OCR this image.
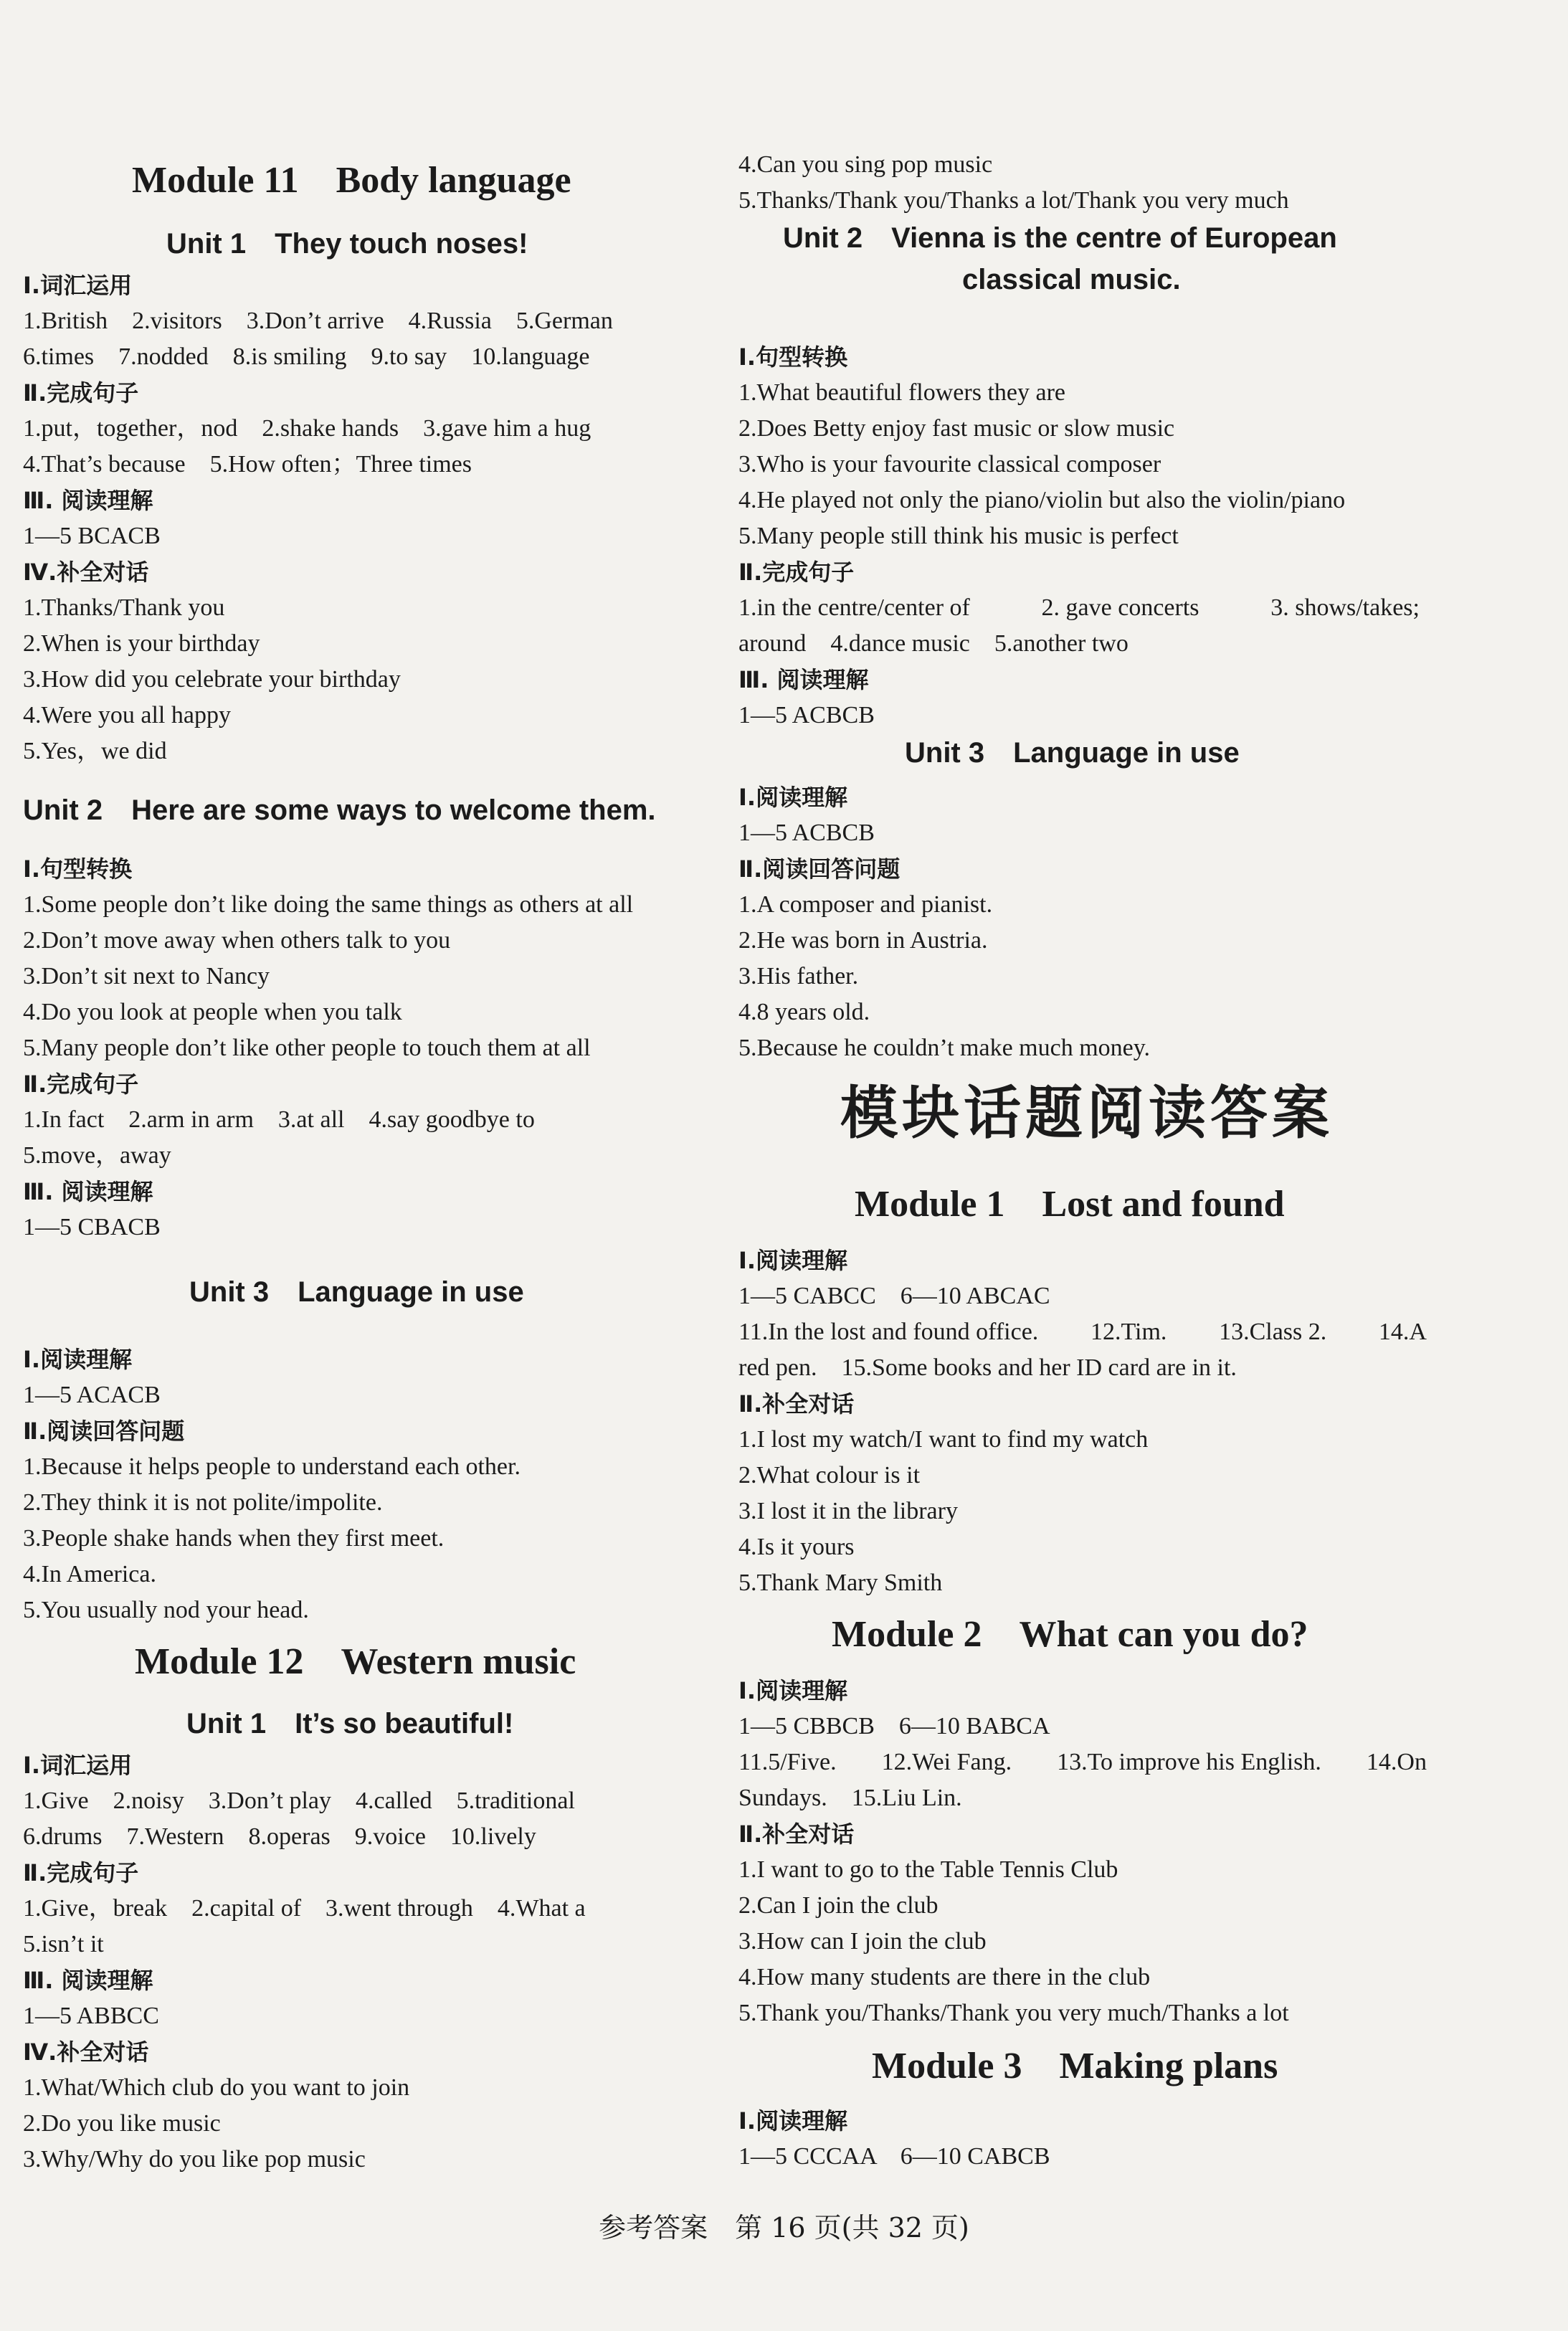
Module 11　Body language
Unit 1　They touch noses!
Ⅰ.词汇运用
1.British　2.visitors　3.Don’t arrive　4.Russia　5.German
6.times　7.nodded　8.is smiling　9.to say　10.language
Ⅱ.完成句子
1.put，together，nod　2.shake hands　3.gave him a hug
4.That’s because　5.How often；Three times
Ⅲ. 阅读理解
1—5 BCACB
Ⅳ.补全对话
1.Thanks/Thank you
2.When is your birthday
3.How did you celebrate your birthday
4.Were you all happy
5.Yes，we did
Unit 2　Here are some ways to welcome them.
Ⅰ.句型转换
1.Some people don’t like doing the same things as others at all
2.Don’t move away when others talk to you
3.Don’t sit next to Nancy
4.Do you look at people when you talk
5.Many people don’t like other people to touch them at all
Ⅱ.完成句子
1.In fact　2.arm in arm　3.at all　4.say goodbye to
5.move，away
Ⅲ. 阅读理解
1—5 CBACB
Unit 3　Language in use
Ⅰ.阅读理解
1—5 ACACB
Ⅱ.阅读回答问题
1.Because it helps people to understand each other.
2.They think it is not polite/impolite.
3.People shake hands when they first meet.
4.In America.
5.You usually nod your head.
Module 12　Western music
Unit 1　It’s so beautiful!
Ⅰ.词汇运用
1.Give　2.noisy　3.Don’t play　4.called　5.traditional
6.drums　7.Western　8.operas　9.voice　10.lively
Ⅱ.完成句子
1.Give，break　2.capital of　3.went through　4.What a
5.isn’t it
Ⅲ. 阅读理解
1—5 ABBCC
Ⅳ.补全对话
1.What/Which club do you want to join
2.Do you like music
3.Why/Why do you like pop music
4.Can you sing pop music
5.Thanks/Thank you/Thanks a lot/Thank you very much
Unit 2　Vienna is the centre of European
classical music.
Ⅰ.句型转换
1.What beautiful flowers they are
2.Does Betty enjoy fast music or slow music
3.Who is your favourite classical composer
4.He played not only the piano/violin but also the violin/piano
5.Many people still think his music is perfect
Ⅱ.完成句子
1.in the centre/center of	2. gave concerts	3. shows/takes;
around　4.dance music　5.another two
Ⅲ. 阅读理解
1—5 ACBCB
Unit 3　Language in use
Ⅰ.阅读理解
1—5 ACBCB
Ⅱ.阅读回答问题
1.A composer and pianist.
2.He was born in Austria.
3.His father.
4.8 years old.
5.Because he couldn’t make much money.
模块话题阅读答案
Module 1　Lost and found
Ⅰ.阅读理解
1—5 CABCC　6—10 ABCAC
11.In the lost and found office. 12.Tim. 13.Class 2. 14.A
red pen.　15.Some books and her ID card are in it.
Ⅱ.补全对话
1.I lost my watch/I want to find my watch
2.What colour is it
3.I lost it in the library
4.Is it yours
5.Thank Mary Smith
Module 2　What can you do?
Ⅰ.阅读理解
1—5 CBBCB　6—10 BABCA
11.5/Five. 12.Wei Fang. 13.To improve his English. 14.On
Sundays.　15.Liu Lin.
Ⅱ.补全对话
1.I want to go to the Table Tennis Club
2.Can I join the club
3.How can I join the club
4.How many students are there in the club
5.Thank you/Thanks/Thank you very much/Thanks a lot
Module 3　Making plans
Ⅰ.阅读理解
1—5 CCCAA　6—10 CABCB
参考答案　第 16 页(共 32 页)
